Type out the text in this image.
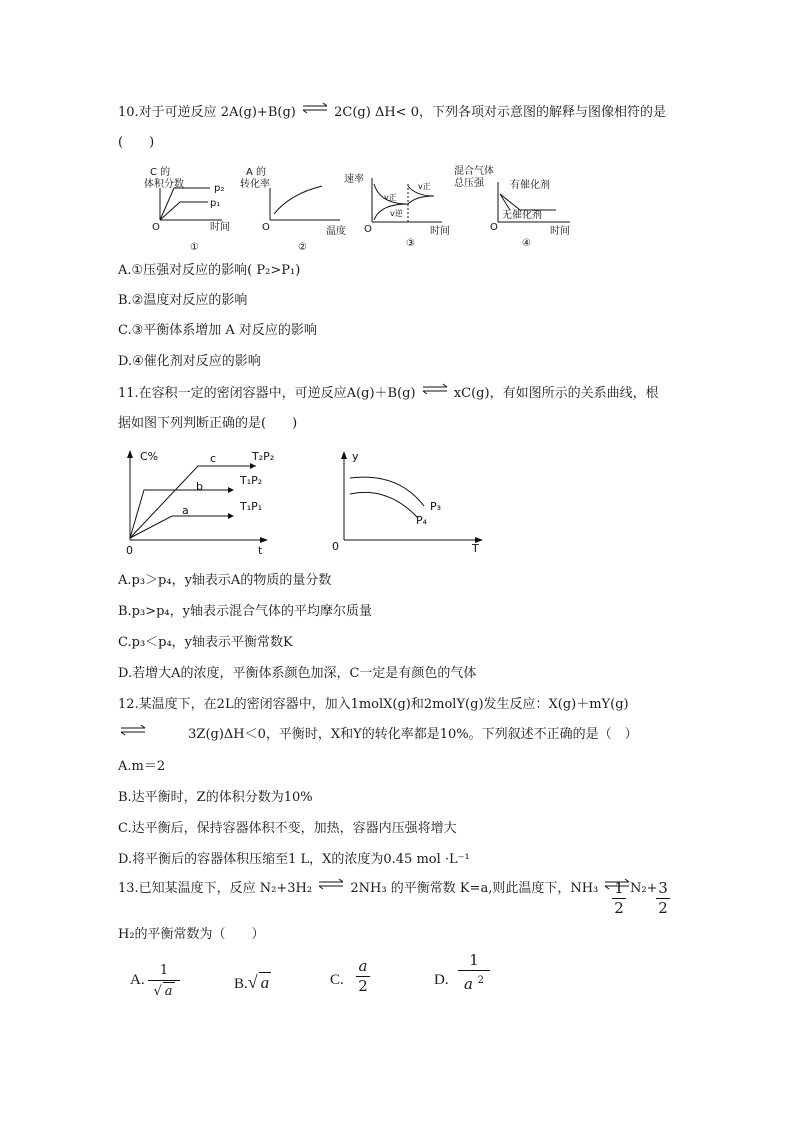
10.对于可逆反应 2A(g)+B(g) ⇌ 2C(g) ΔH< 0，下列各项对示意图的解释与图像相符的是
(　　)
C 的
体积分数	p₂
p₁
O	时间
①
A 的
转化率
O	温度
②
速率
v正
v逆
v正
O	时间
③
混合气体
总压强	有催化剂
无催化剂
O	时间
④
A.①压强对反应的影响( P₂>P₁)
B.②温度对反应的影响
C.③平衡体系增加 A 对反应的影响
D.④催化剂对反应的影响
11.在容积一定的密闭容器中，可逆反应A(g)＋B(g) ⇌ xC(g)，有如图所示的关系曲线，根
据如图下列判断正确的是(　　)
C%	c
b
a
T₂P₂
T₁P₂
T₁P₁
0	t
y
P₃
P₄
0	T
A.p₃＞p₄，y轴表示A的物质的量分数
B.p₃>p₄，y轴表示混合气体的平均摩尔质量
C.p₃＜p₄，y轴表示平衡常数K
D.若增大A的浓度，平衡体系颜色加深，C一定是有颜色的气体
12.某温度下，在2L的密闭容器中，加入1molX(g)和2molY(g)发生反应：X(g)＋mY(g)
3Z(g)ΔH＜0，平衡时，X和Y的转化率都是10%。下列叙述不正确的是（　）
A.m＝2
B.达平衡时，Z的体积分数为10%
C.达平衡后，保持容器体积不变，加热，容器内压强将增大
D.将平衡后的容器体积压缩至1 L，X的浓度为0.45 mol ·L⁻¹
13.已知某温度下，反应 N₂+3H₂ ⇌ 2NH₃ 的平衡常数 K=a,则此温度下，NH₃ ⇌
1
2
N₂+ 3
2
H₂的平衡常数为（　　）
A.
1
√ a	B.√ a	C.
a
2	D.
1
a $^2$
